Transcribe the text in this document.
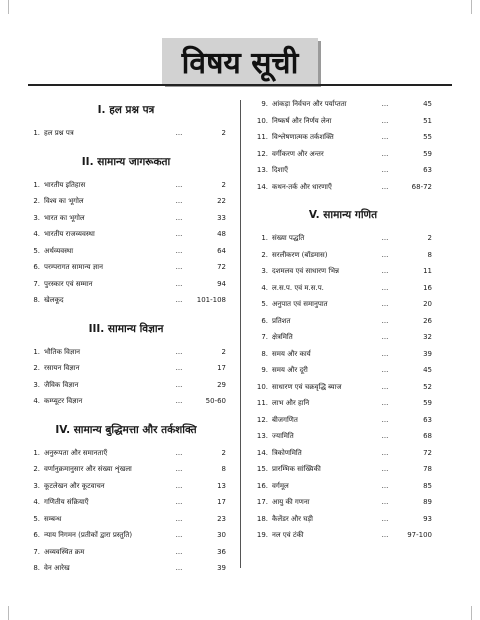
विषय सूची
I. हल प्रश्न पत्र
1. हल प्रश्न पत्र	...	2
II. सामान्य जागरूकता
1. भारतीय इतिहास	...	2
2. विश्व का भूगोल	...	22
3. भारत का भूगोल	...	33
4. भारतीय राजव्यवस्था	...	48
5. अर्थव्यवस्था	...	64
6. परम्परागत सामान्य ज्ञान	...	72
7. पुरस्कार एवं सम्मान	...	94
8. खेलकूद	...	101-108
III. सामान्य विज्ञान
1. भौतिक विज्ञान	...	2
2. रसायन विज्ञान	...	17
3. जैविक विज्ञान	...	29
4. कम्प्यूटर विज्ञान	...	50-60
IV. सामान्य बुद्धिमत्ता और तर्कशक्ति
1. अनुरूपता और समानताएँ	...	2
2. वर्णानुक्रमानुसार और संख्या शृंखला	...	8
3. कूटलेखन और कूटवाचन	...	13
4. गणितीय संक्रियाएँ	...	17
5. सम्बन्ध	...	23
6. न्याय निगमन (प्रतीकों द्वारा प्रस्तुति)	...	30
7. अव्यवस्थित क्रम	...	36
8. वेन आरेख	...	39
9. आंकड़ा निर्वचन और पर्याप्तता	...	45
10. निष्कर्ष और निर्णय लेना	...	51
11. विश्लेषणात्मक तर्कशक्ति	...	55
12. वर्गीकरण और अन्तर	...	59
13. दिशाएँ	...	63
14. कथन-तर्क और धारणाएँ	...	68-72
V. सामान्य गणित
1. संख्या पद्धति	...	2
2. सरलीकरण (बॉडमास)	...	8
3. दशमलव एवं साधारण भिन्न	...	11
4. ल.स.प. एवं म.स.प.	...	16
5. अनुपात एवं समानुपात	...	20
6. प्रतिशत	...	26
7. क्षेत्रमिति	...	32
8. समय और कार्य	...	39
9. समय और दूरी	...	45
10. साधारण एवं चक्रवृद्धि ब्याज	...	52
11. लाभ और हानि	...	59
12. बीजगणित	...	63
13. ज्यामिति	...	68
14. त्रिकोणमिति	...	72
15. प्रारम्भिक सांख्यिकी	...	78
16. वर्गमूल	...	85
17. आयु की गणना	...	89
18. कैलेंडर और घड़ी	...	93
19. नल एवं टंकी	...	97-100
